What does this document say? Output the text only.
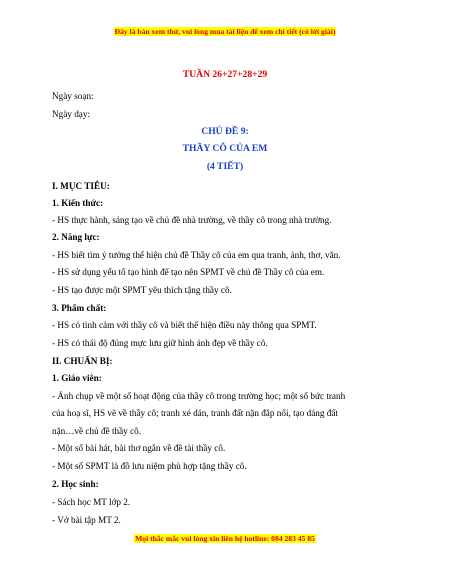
Đây là bản xem thử, vui lòng mua tài liệu để xem chi tiết (có lời giải)
TUẦN 26+27+28+29
Ngày soạn:
Ngày dạy:
CHỦ ĐỀ 9:
THẦY CÔ CỦA EM
(4 TIẾT)
I. MỤC TIÊU:
1. Kiến thức:
- HS thực hành, sáng tạo về chủ đề nhà trường, về thầy cô trong nhà trường.
2. Năng lực:
- HS biết tìm ý tưởng thể hiện chủ đề Thầy cô của em qua tranh, ảnh, thơ, văn.
- HS sử dụng yếu tố tạo hình để tạo nên SPMT về chủ đề Thầy cô của em.
- HS tạo được một SPMT yêu thích tặng thầy cô.
3. Phẩm chất:
- HS có tình cảm với thầy cô và biết thể hiện điều này thông qua SPMT.
- HS có thái độ đúng mực lưu giữ hình ảnh đẹp về thầy cô.
II. CHUẨN BỊ:
1. Giáo viên:
- Ảnh chụp về một số hoạt động của thầy cô trong trường học; một số bức tranh
của hoạ sĩ, HS vẽ về thầy cô; tranh xé dán, tranh đất nặn đắp nổi, tạo dáng đất
nặn…về chủ đề thầy cô.
- Một số bài hát, bài thơ ngắn về đề tài thầy cô.
- Một số SPMT là đồ lưu niệm phù hợp tặng thầy cô.
2. Học sinh:
- Sách học MT lớp 2.
- Vở bài tập MT 2.
Mọi thắc mắc vui lòng xin liên hệ hotline: 084 283 45 85
